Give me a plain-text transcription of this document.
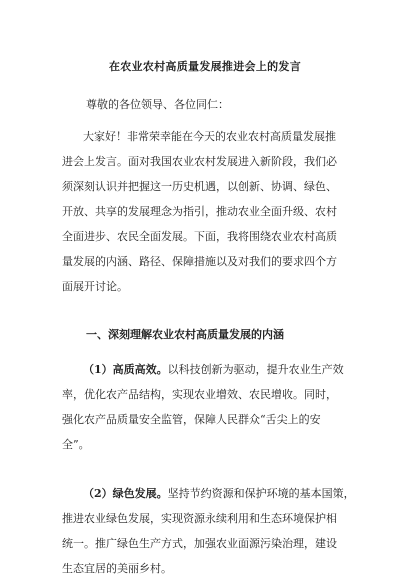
在农业农村高质量发展推进会上的发言
尊敬的各位领导、各位同仁：

大家好！非常荣幸能在今天的农业农村高质量发展推
进会上发言。面对我国农业农村发展进入新阶段，我们必
须深刻认识并把握这一历史机遇，以创新、协调、绿色、
开放、共享的发展理念为指引，推动农业全面升级、农村
全面进步、农民全面发展。下面，我将围绕农业农村高质
量发展的内涵、路径、保障措施以及对我们的要求四个方
面展开讨论。

一、深刻理解农业农村高质量发展的内涵

（1）高质高效。以科技创新为驱动，提升农业生产效
率，优化农产品结构，实现农业增效、农民增收。同时，
强化农产品质量安全监管，保障人民群众“舌尖上的安
全”。

（2）绿色发展。坚持节约资源和保护环境的基本国策，
推进农业绿色发展，实现资源永续利用和生态环境保护相
统一。推广绿色生产方式，加强农业面源污染治理，建设
生态宜居的美丽乡村。
